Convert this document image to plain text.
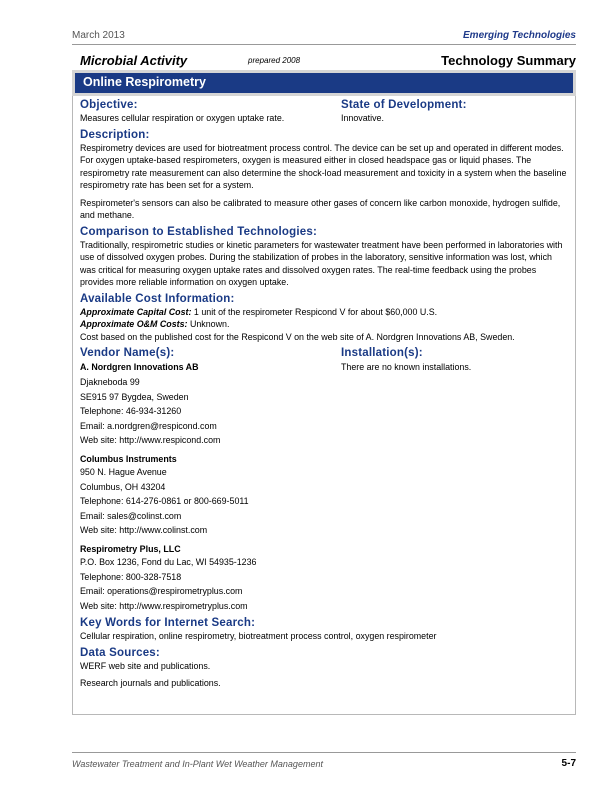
March 2013	Emerging Technologies
Microbial Activity	prepared 2008	Technology Summary
Online Respirometry
Objective:

Measures cellular respiration or oxygen uptake rate.

State of Development:

Innovative.

Description:

Respirometry devices are used for biotreatment process control. The device can be set up and operated in different modes. For oxygen uptake-based respirometers, oxygen is measured either in closed headspace gas or liquid phases. The respirometry rate measurement can also determine the shock-load measurement and toxicity in a system when the baseline respirometry rate has been set for a system.

Respirometer's sensors can also be calibrated to measure other gases of concern like carbon monoxide, hydrogen sulfide, and methane.

Comparison to Established Technologies:

Traditionally, respirometric studies or kinetic parameters for wastewater treatment have been performed in laboratories with use of dissolved oxygen probes. During the stabilization of probes in the laboratory, sensitive information was lost, which was critical for measuring oxygen uptake rates and dissolved oxygen rates. The real-time feedback using the probes provides more reliable information on oxygen uptake.

Available Cost Information:

Approximate Capital Cost: 1 unit of the respirometer Respicond V for about $60,000 U.S.

Approximate O&M Costs: Unknown.

Cost based on the published cost for the Respicond V on the web site of A. Nordgren Innovations AB, Sweden.

Vendor Name(s):
A. Nordgren Innovations AB
Djakneboda 99
SE915 97 Bygdea, Sweden
Telephone: 46-934-31260
Email: a.nordgren@respicond.com
Web site: http://www.respicond.com
Columbus Instruments
950 N. Hague Avenue
Columbus, OH 43204
Telephone: 614-276-0861 or 800-669-5011
Email: sales@colinst.com
Web site: http://www.colinst.com
Respirometry Plus, LLC
P.O. Box 1236, Fond du Lac, WI 54935-1236
Telephone: 800-328-7518
Email: operations@respirometryplus.com
Web site: http://www.respirometryplus.com
Installation(s):

There are no known installations.

Key Words for Internet Search:

Cellular respiration, online respirometry, biotreatment process control, oxygen respirometer

Data Sources:

WERF web site and publications.

Research journals and publications.

Wastewater Treatment and In-Plant Wet Weather Management	5-7
